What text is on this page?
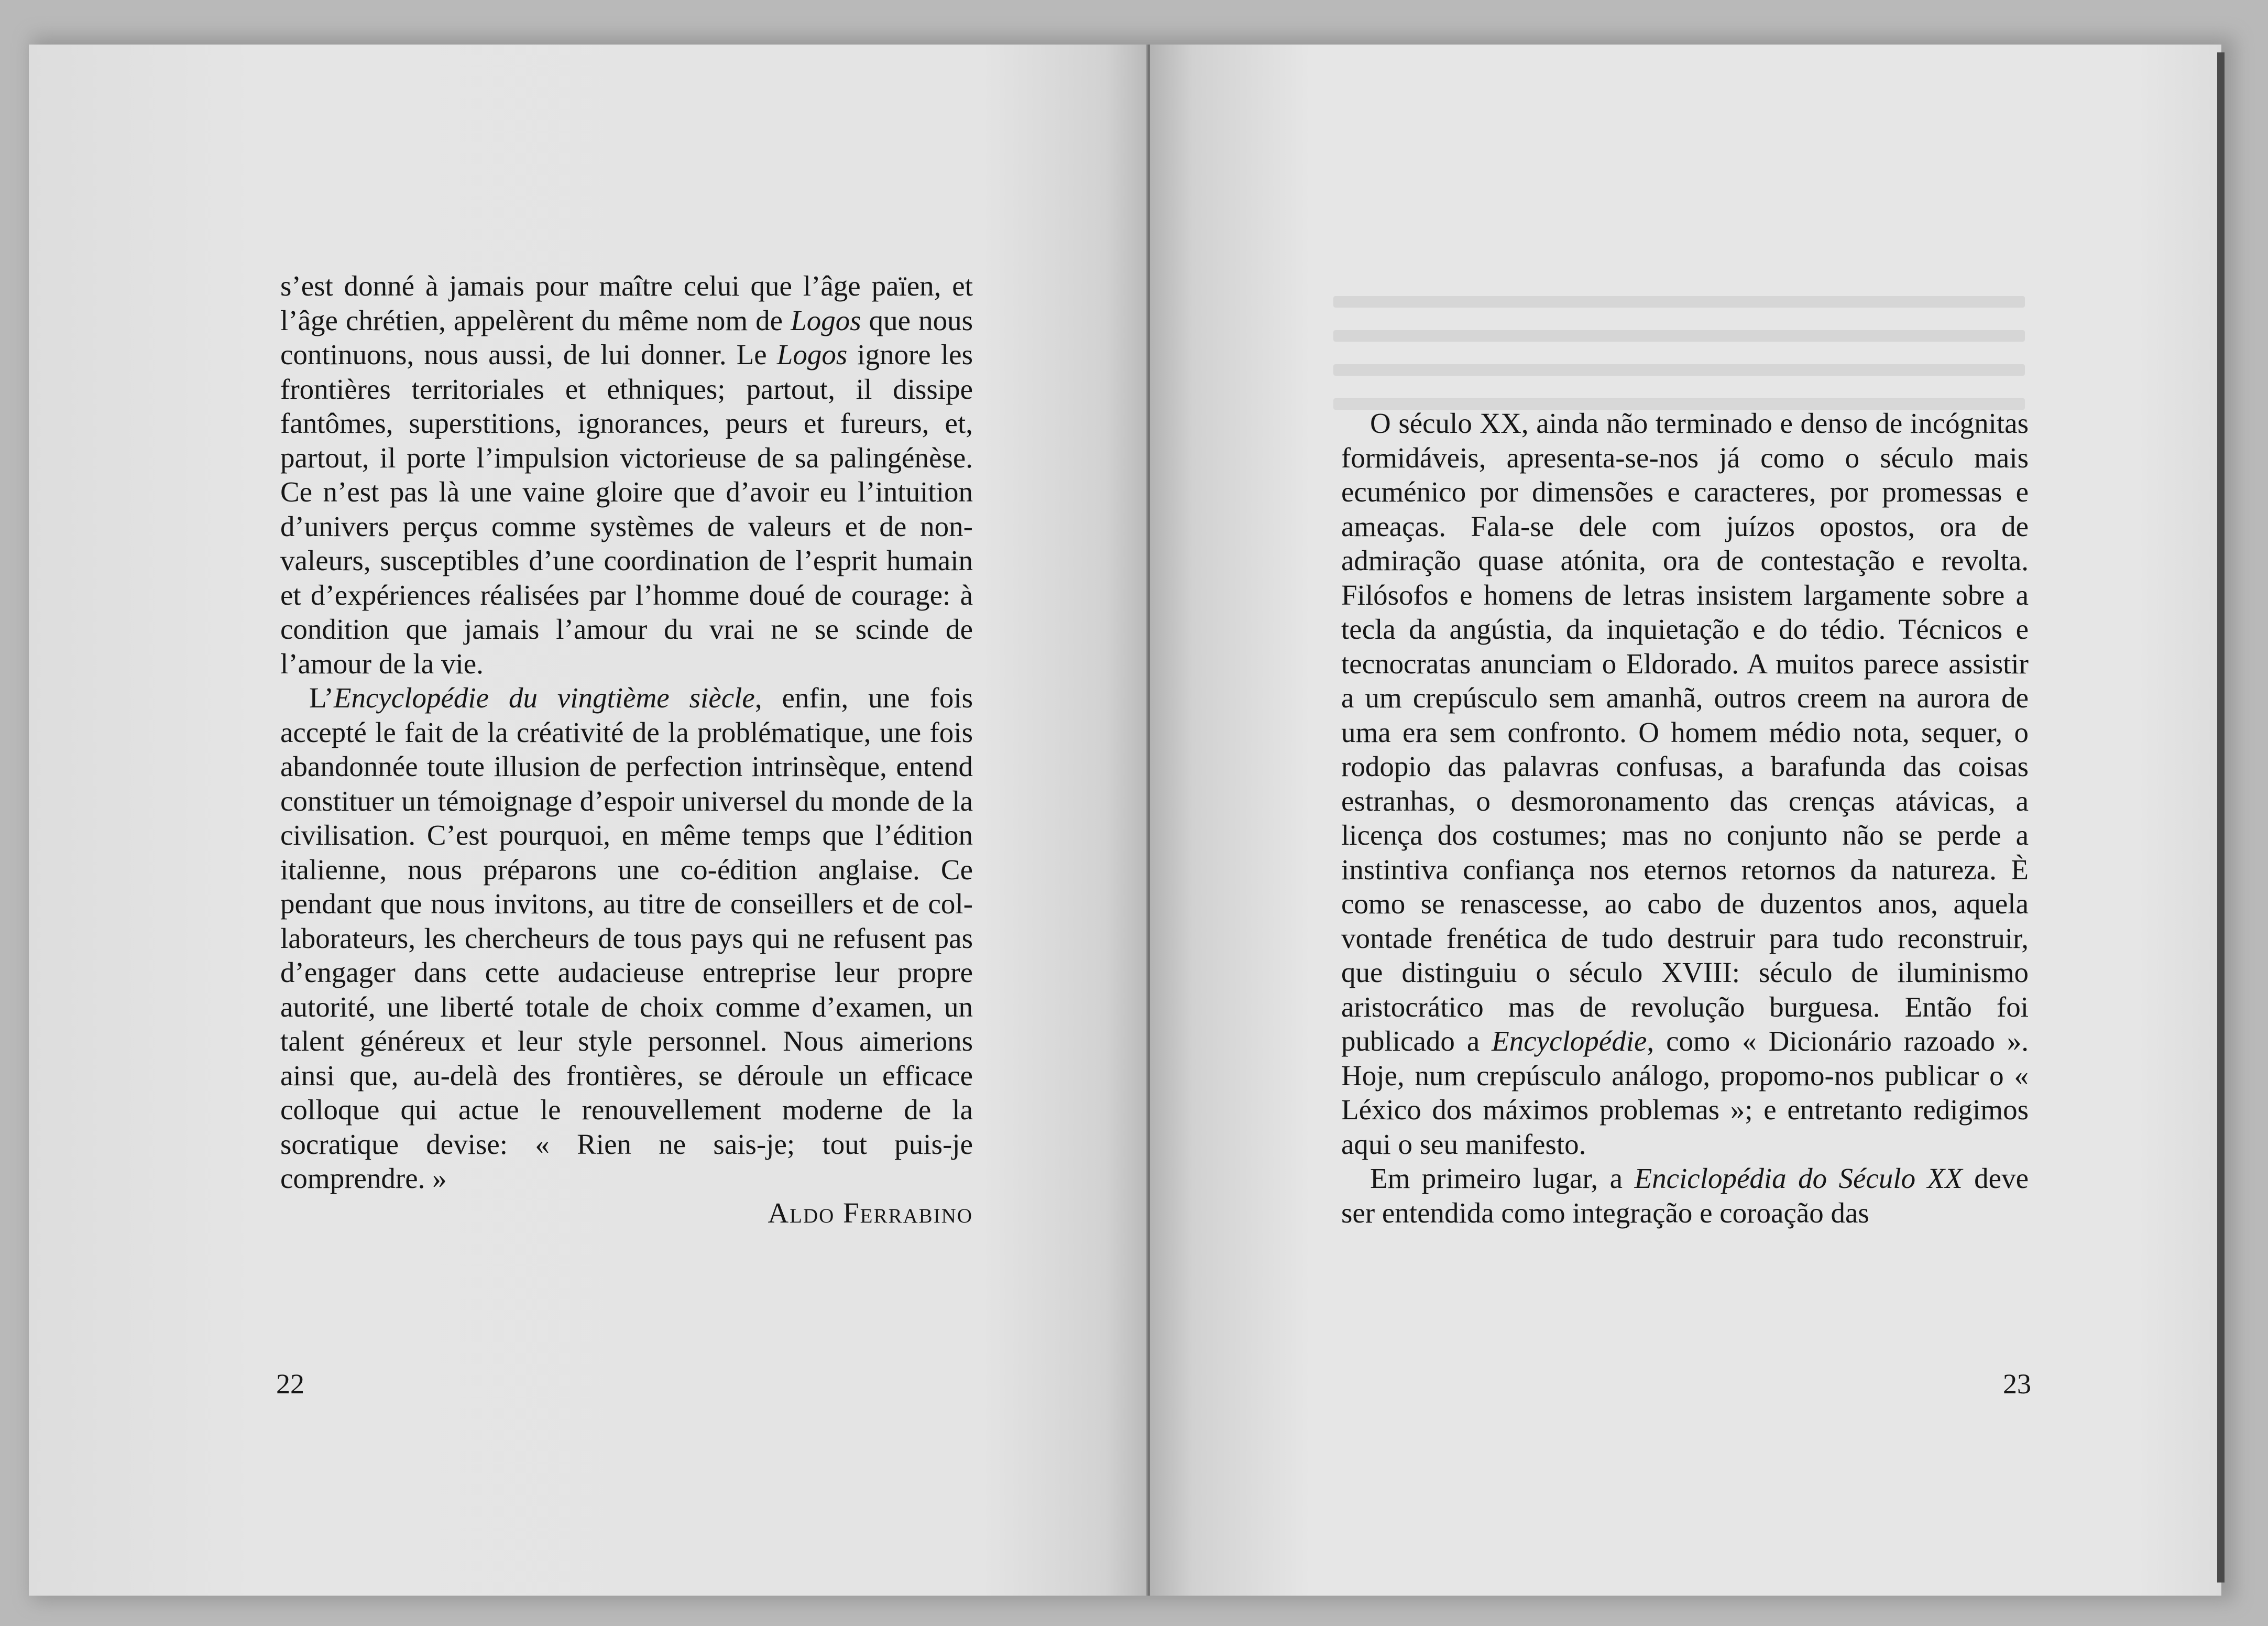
s’est donné à jamais pour maître celui que l’âge païen, et l’âge chrétien, appelèrent du même nom de Logos que nous continuons, nous aussi, de lui donner. Le Logos ignore les frontières territoriales et ethniques; partout, il dissipe fantômes, superstitions, ignorances, peurs et fureurs, et, partout, il porte l’impulsion victorieuse de sa palingénèse. Ce n’est pas là une vaine gloire que d’avoir eu l’intuition d’univers perçus comme systèmes de valeurs et de non-valeurs, susceptibles d’une coordination de l’esprit humain et d’expériences réalisées par l’homme doué de courage: à condition que jamais l’amour du vrai ne se scinde de l’amour de la vie.

L’Encyclopédie du vingtième siècle, enfin, une fois accepté le fait de la créativité de la problématique, une fois abandonnée toute illusion de perfection intrinsèque, entend constituer un témoignage d’espoir universel du monde de la civilisation. C’est pourquoi, en même temps que l’édition italienne, nous préparons une co-édition anglaise. Ce pendant que nous invitons, au titre de conseillers et de collaborateurs, les chercheurs de tous pays qui ne refusent pas d’engager dans cette audacieuse entreprise leur propre autorité, une liberté totale de choix comme d’examen, un talent généreux et leur style personnel. Nous aimerions ainsi que, au-delà des frontières, se déroule un efficace colloque qui actue le renouvellement moderne de la socratique devise: « Rien ne sais-je; tout puis-je comprendre. »

Aldo Ferrabino

22

O século XX, ainda não terminado e denso de incógnitas formidáveis, apresenta-se-nos já como o século mais ecuménico por dimensões e caracteres, por promessas e ameaças. Fala-se dele com juízos opostos, ora de admiração quase atónita, ora de contestação e revolta. Filósofos e homens de letras insistem largamente sobre a tecla da angústia, da inquietação e do tédio. Técnicos e tecnocratas anunciam o Eldorado. A muitos parece assistir a um crepúsculo sem amanhã, outros creem na aurora de uma era sem confronto. O homem médio nota, sequer, o rodopio das palavras confusas, a barafunda das coisas estranhas, o desmoronamento das crenças atávicas, a licença dos costumes; mas no conjunto não se perde a instintiva confiança nos eternos retornos da natureza. È como se renascesse, ao cabo de duzentos anos, aquela vontade frenética de tudo destruir para tudo reconstruir, que distinguiu o século XVIII: século de iluminismo aristocrático mas de revolução burguesa. Então foi publicado a Encyclopédie, como « Dicionário razoado ». Hoje, num crepúsculo análogo, propomo-nos publicar o « Léxico dos máximos problemas »; e entretanto redigimos aqui o seu manifesto.

Em primeiro lugar, a Enciclopédia do Século XX deve ser entendida como integração e coroação das

23
